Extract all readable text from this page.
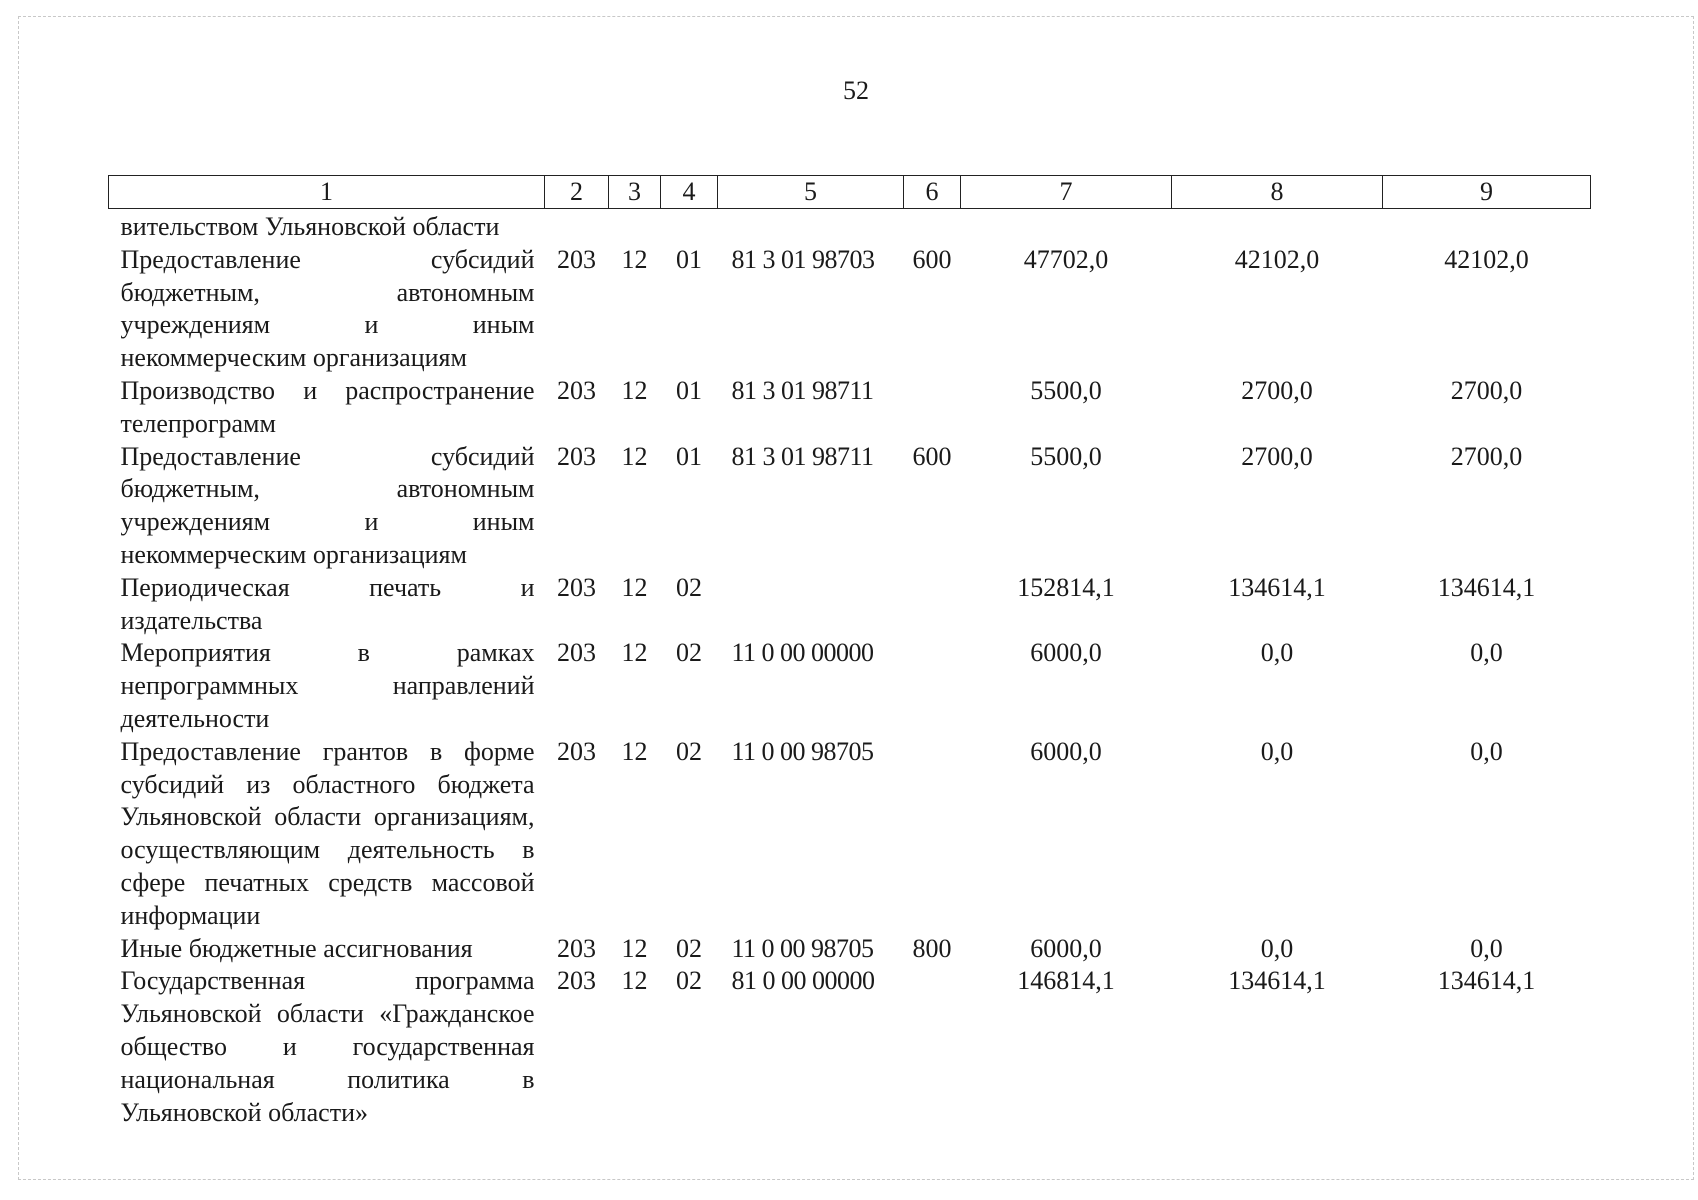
52
1	2	3	4	5	6	7	8	9
вительством Ульяновской области								
Предоставление субсидий бюджетным, автономным учреждениям и иным некоммерческим организациям	203	12	01	81 3 01 98703	600	47702,0	42102,0	42102,0
Производство и распространение телепрограмм	203	12	01	81 3 01 98711		5500,0	2700,0	2700,0
Предоставление субсидий бюджетным, автономным учреждениям и иным некоммерческим организациям	203	12	01	81 3 01 98711	600	5500,0	2700,0	2700,0
Периодическая печать и издательства	203	12	02			152814,1	134614,1	134614,1
Мероприятия в рамках непрограммных направлений деятельности	203	12	02	11 0 00 00000		6000,0	0,0	0,0
Предоставление грантов в форме субсидий из областного бюджета Ульяновской области организациям, осуществляющим деятельность в сфере печатных средств массовой информации	203	12	02	11 0 00 98705		6000,0	0,0	0,0
Иные бюджетные ассигнования	203	12	02	11 0 00 98705	800	6000,0	0,0	0,0
Государственная программа Ульяновской области «Гражданское общество и государственная национальная политика в Ульяновской области»	203	12	02	81 0 00 00000		146814,1	134614,1	134614,1
